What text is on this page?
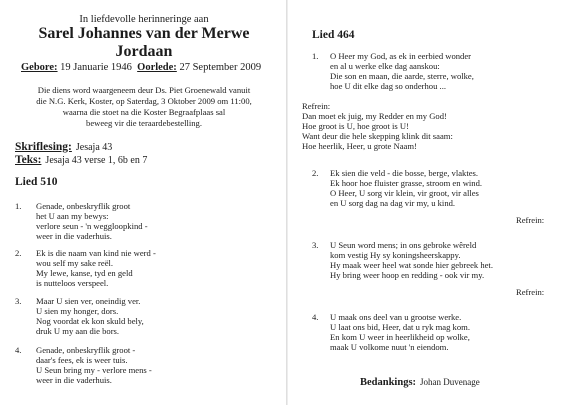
In liefdevolle herinneringe aan
Sarel Johannes van der Merwe
Jordaan
Gebore: 19 Januarie 1946 Oorlede: 27 September 2009
Die diens word waargeneem deur Ds. Piet Groenewald vanuit
die N.G. Kerk, Koster, op Saterdag, 3 Oktober 2009 om 11:00,
waarna die stoet na die Koster Begraafplaas sal
beweeg vir die teraardebestelling.
Skriflesing: Jesaja 43
Teks: Jesaja 43 verse 1, 6b en 7
Lied 510
1. Genade, onbeskryflik groot
het U aan my bewys:
verlore seun - 'n weggloopkind -
weer in die vaderhuis.
2. Ek is die naam van kind nie werd -
wou self my sake reël.
My lewe, kanse, tyd en geld
is nutteloos verspeel.
3. Maar U sien ver, oneindig ver.
U sien my honger, dors.
Nog voordat ek kon skuld bely,
druk U my aan die bors.
4. Genade, onbeskryflik groot -
daar's fees, ek is weer tuis.
U Seun bring my - verlore mens -
weer in die vaderhuis.
Lied 464
1. O Heer my God, as ek in eerbied wonder
en al u werke elke dag aanskou:
Die son en maan, die aarde, sterre, wolke,
hoe U dit elke dag so onderhou ...
Refrein:
Dan moet ek juig, my Redder en my God!
Hoe groot is U, hoe groot is U!
Want deur die hele skepping klink dit saam:
Hoe heerlik, Heer, u grote Naam!
2. Ek sien die veld - die bosse, berge, vlaktes.
Ek hoor hoe fluister grasse, stroom en wind.
O Heer, U sorg vir klein, vir groot, vir alles
en U sorg dag na dag vir my, u kind.
Refrein:
3. U Seun word mens; in ons gebroke wêreld
kom vestig Hy sy koningsheerskappy.
Hy maak weer heel wat sonde hier gebreek het.
Hy bring weer hoop en redding - ook vir my.
Refrein:
4. U maak ons deel van u grootse werke.
U laat ons bid, Heer, dat u ryk mag kom.
En kom U weer in heerlikheid op wolke,
maak U volkome nuut 'n eiendom.
Bedankings: Johan Duvenage
